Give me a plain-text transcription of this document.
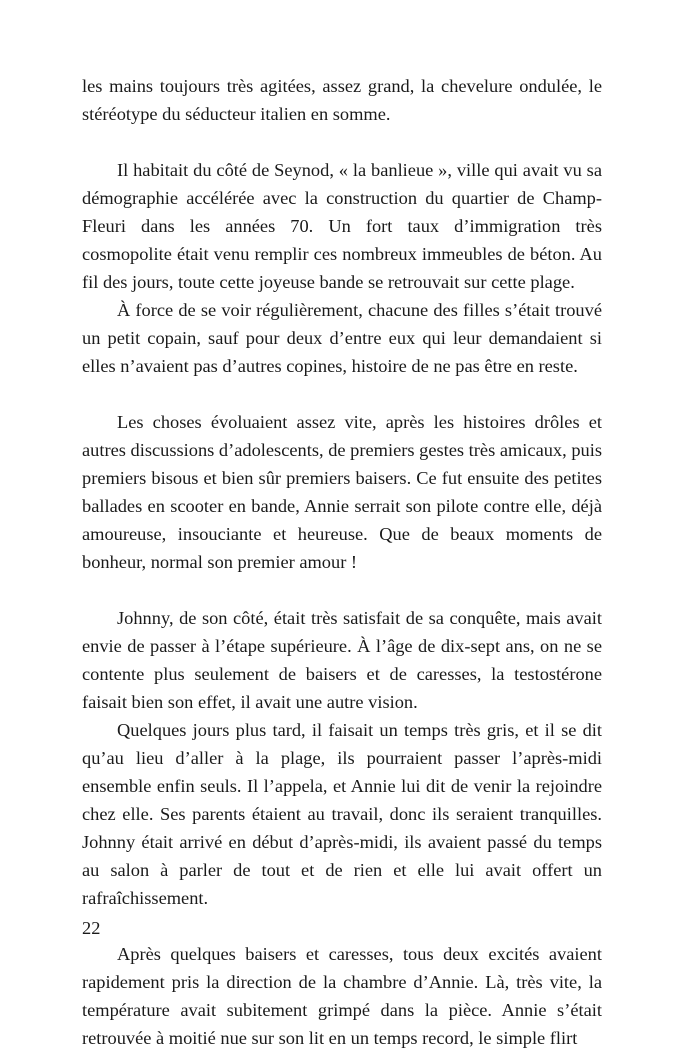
les mains toujours très agitées, assez grand, la chevelure ondulée, le stéréotype du séducteur italien en somme.

Il habitait du côté de Seynod, « la banlieue », ville qui avait vu sa démographie accélérée avec la construction du quartier de Champ-Fleuri dans les années 70. Un fort taux d’immigration très cosmopolite était venu remplir ces nombreux immeubles de béton. Au fil des jours, toute cette joyeuse bande se retrouvait sur cette plage.

À force de se voir régulièrement, chacune des filles s’était trouvé un petit copain, sauf pour deux d’entre eux qui leur demandaient si elles n’avaient pas d’autres copines, histoire de ne pas être en reste.

Les choses évoluaient assez vite, après les histoires drôles et autres discussions d’adolescents, de premiers gestes très amicaux, puis premiers bisous et bien sûr premiers baisers. Ce fut ensuite des petites ballades en scooter en bande, Annie serrait son pilote contre elle, déjà amoureuse, insouciante et heureuse. Que de beaux moments de bonheur, normal son premier amour !

Johnny, de son côté, était très satisfait de sa conquête, mais avait envie de passer à l’étape supérieure. À l’âge de dix-sept ans, on ne se contente plus seulement de baisers et de caresses, la testostérone faisait bien son effet, il avait une autre vision.

Quelques jours plus tard, il faisait un temps très gris, et il se dit qu’au lieu d’aller à la plage, ils pourraient passer l’après-midi ensemble enfin seuls. Il l’appela, et Annie lui dit de venir la rejoindre chez elle. Ses parents étaient au travail, donc ils seraient tranquilles. Johnny était arrivé en début d’après-midi, ils avaient passé du temps au salon à parler de tout et de rien et elle lui avait offert un rafraîchissement.

Après quelques baisers et caresses, tous deux excités avaient rapidement pris la direction de la chambre d’Annie. Là, très vite, la température avait subitement grimpé dans la pièce. Annie s’était retrouvée à moitié nue sur son lit en un temps record, le simple flirt

22
